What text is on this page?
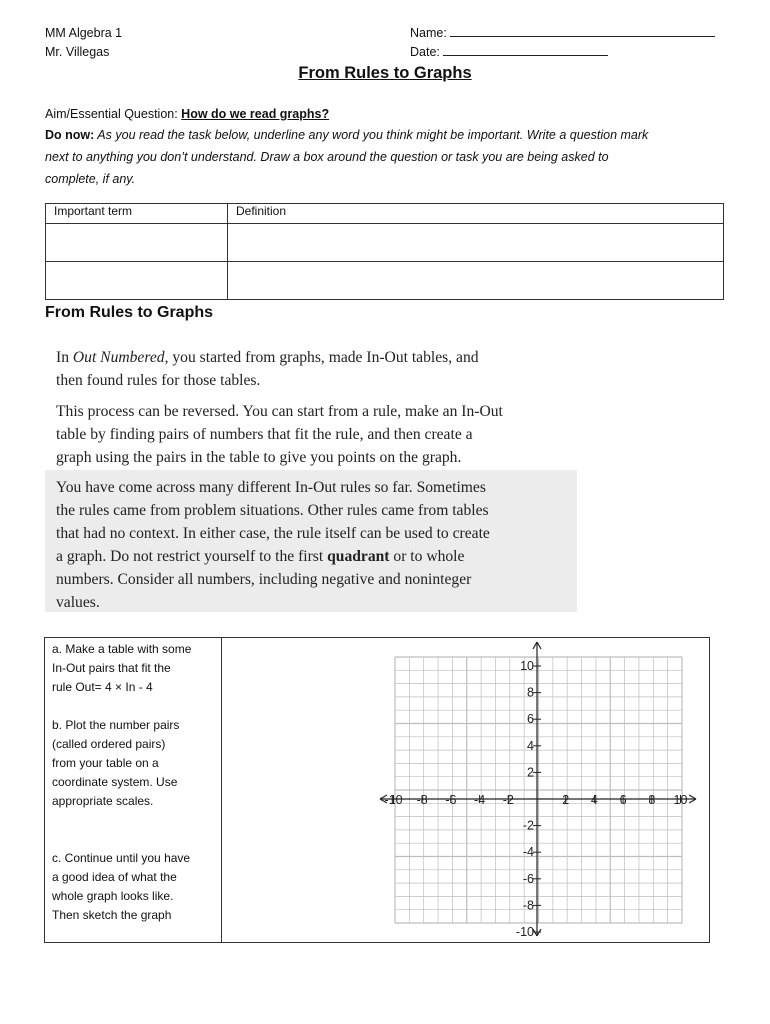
MM Algebra 1
Mr. Villegas
Name:
Date:
From Rules to Graphs
Aim/Essential Question: How do we read graphs?
Do now: As you read the task below, underline any word you think might be important. Write a question mark
next to anything you don’t understand. Draw a box around the question or task you are being asked to
complete, if any.
Important term	Definition

From Rules to Graphs
In Out Numbered, you started from graphs, made In-Out tables, and
then found rules for those tables.
This process can be reversed. You can start from a rule, make an In-Out
table by finding pairs of numbers that fit the rule, and then create a
graph using the pairs in the table to give you points on the graph.
You have come across many different In-Out rules so far. Sometimes
the rules came from problem situations. Other rules came from tables
that had no context. In either case, the rule itself can be used to create
a graph. Do not restrict yourself to the first quadrant or to whole
numbers. Consider all numbers, including negative and noninteger
values.
a. Make a table with some
In-Out pairs that fit the
rule Out= 4 × In - 4
b. Plot the number pairs
(called ordered pairs)
from your table on a
coordinate system. Use
appropriate scales.
c. Continue until you have
a good idea of what the
whole graph looks like.
Then sketch the graph
-10 -8 -6 -4 -2	2 4 6 8 10
10
8
6
4
2
-2
-4
-6
-8
-10
